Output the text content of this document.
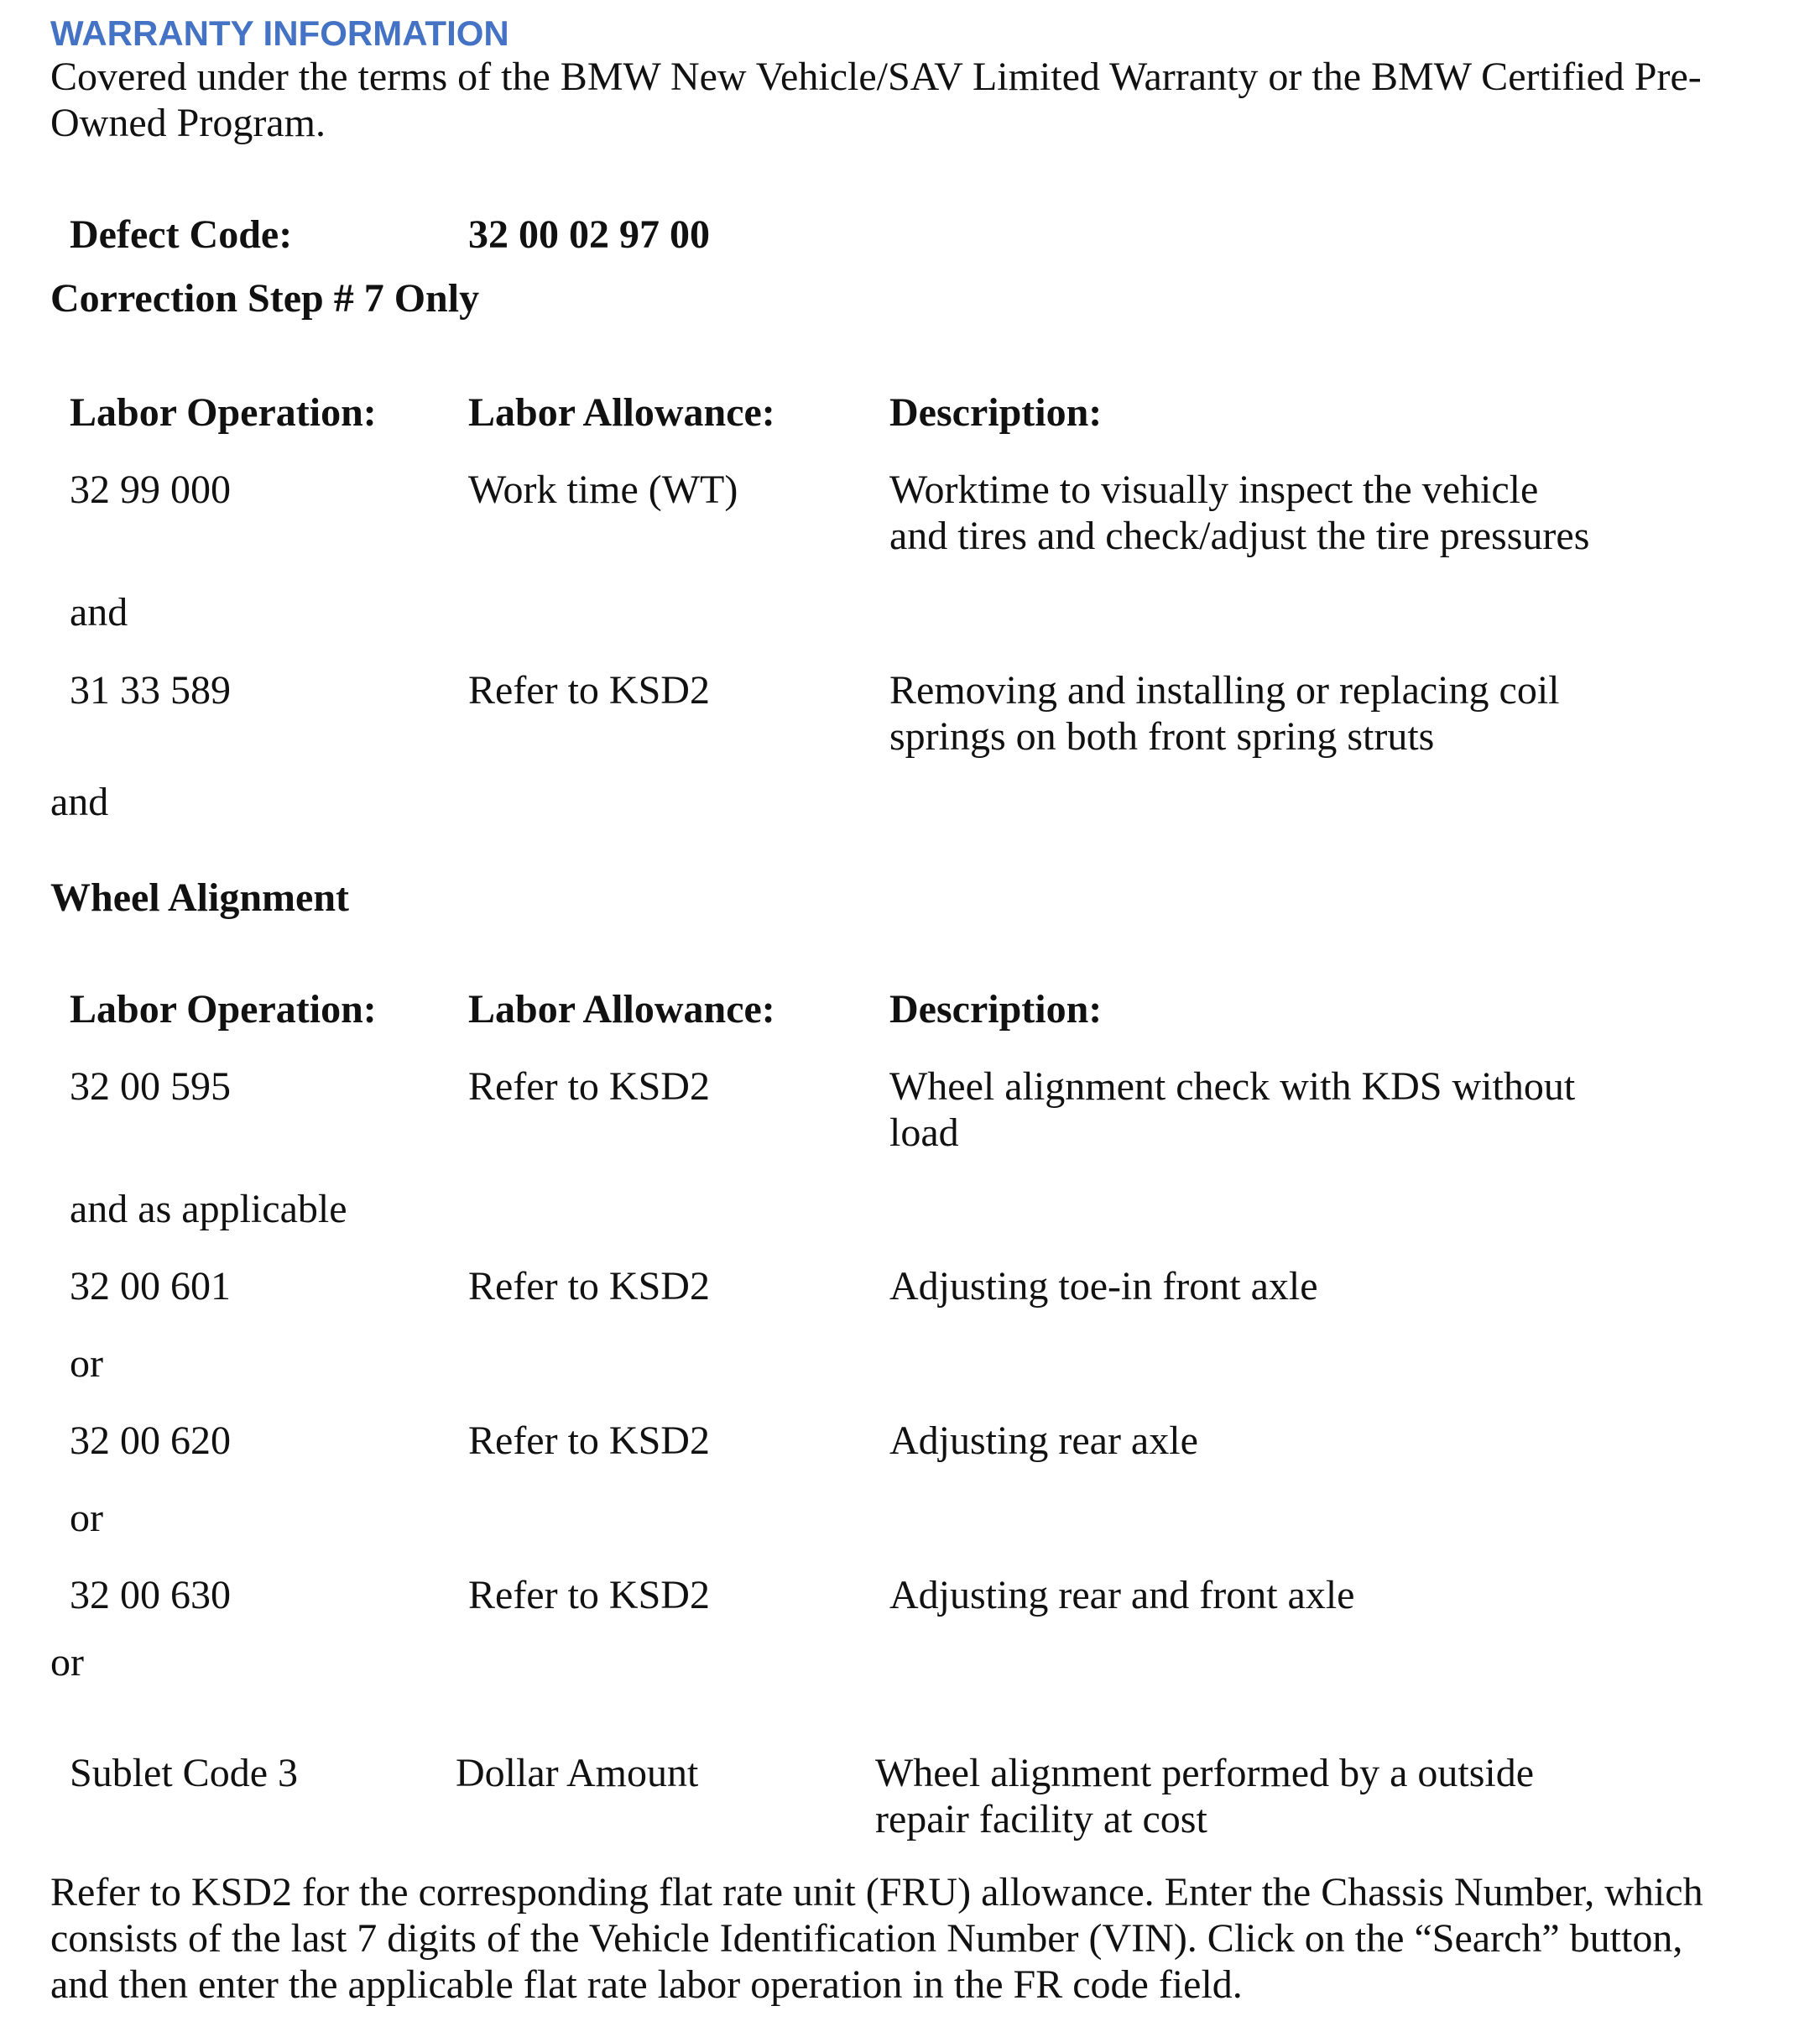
WARRANTY INFORMATION
Covered under the terms of the BMW New Vehicle/SAV Limited Warranty or the BMW Certified Pre-
Owned Program.
Defect Code:	32 00 02 97 00
Correction Step # 7 Only
Labor Operation: Labor Allowance:	Description:
32 99 000	Work time (WT)	Worktime to visually inspect the vehicle
and tires and check/adjust the tire pressures
and
31 33 589	Refer to KSD2	Removing and installing or replacing coil
springs on both front spring struts
and
Wheel Alignment
Labor Operation: Labor Allowance:	Description:
32 00 595	Refer to KSD2	Wheel alignment check with KDS without
load
and as applicable
32 00 601	Refer to KSD2	Adjusting toe-in front axle
or
32 00 620	Refer to KSD2	Adjusting rear axle
or
32 00 630	Refer to KSD2	Adjusting rear and front axle
or
Sublet Code 3	Dollar Amount	Wheel alignment performed by a outside
repair facility at cost
Refer to KSD2 for the corresponding flat rate unit (FRU) allowance. Enter the Chassis Number, which
consists of the last 7 digits of the Vehicle Identification Number (VIN). Click on the “Search” button,
and then enter the applicable flat rate labor operation in the FR code field.
